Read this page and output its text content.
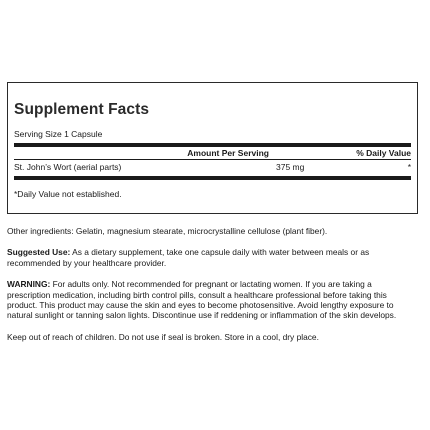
Supplement Facts
Serving Size 1 Capsule
Amount Per Serving	% Daily Value
St. John’s Wort (aerial parts)	375 mg	*
*Daily Value not established.
Other ingredients: Gelatin, magnesium stearate, microcrystalline cellulose (plant fiber).
Suggested Use: As a dietary supplement, take one capsule daily with water between meals or as recommended by your healthcare provider.
WARNING: For adults only. Not recommended for pregnant or lactating women. If you are taking a prescription medication, including birth control pills, consult a healthcare professional before taking this product. This product may cause the skin and eyes to become photosensitive. Avoid lengthy exposure to natural sunlight or tanning salon lights. Discontinue use if reddening or inflammation of the skin develops.
Keep out of reach of children. Do not use if seal is broken. Store in a cool, dry place.
